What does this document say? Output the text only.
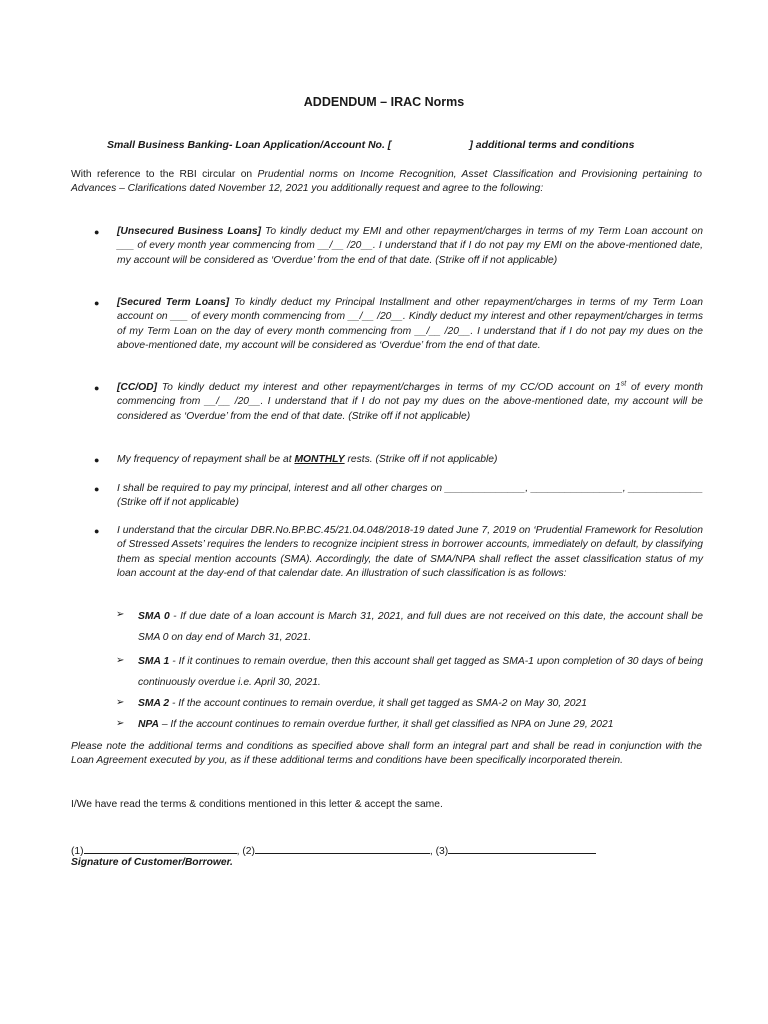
ADDENDUM – IRAC Norms
Small Business Banking- Loan Application/Account No. [	] additional terms and conditions
With reference to the RBI circular on Prudential norms on Income Recognition, Asset Classification and Provisioning pertaining to Advances – Clarifications dated November 12, 2021 you additionally request and agree to the following:
● [Unsecured Business Loans] To kindly deduct my EMI and other repayment/charges in terms of my Term Loan account on ___ of every month year commencing from __/__ /20__. I understand that if I do not pay my EMI on the above-mentioned date, my account will be considered as ‘Overdue’ from the end of that date. (Strike off if not applicable)
● [Secured Term Loans] To kindly deduct my Principal Installment and other repayment/charges in terms of my Term Loan account on ___ of every month commencing from __/__ /20__. Kindly deduct my interest and other repayment/charges in terms of my Term Loan on the day of every month commencing from __/__ /20__. I understand that if I do not pay my dues on the above-mentioned date, my account will be considered as ‘Overdue’ from the end of that date.
● [CC/OD] To kindly deduct my interest and other repayment/charges in terms of my CC/OD account on 1st of every month commencing from __/__ /20__. I understand that if I do not pay my dues on the above-mentioned date, my account will be considered as ‘Overdue’ from the end of that date. (Strike off if not applicable)
● My frequency of repayment shall be at MONTHLY rests. (Strike off if not applicable)
● I shall be required to pay my principal, interest and all other charges on ______________, ________________, _____________ (Strike off if not applicable)
● I understand that the circular DBR.No.BP.BC.45/21.04.048/2018-19 dated June 7, 2019 on ‘Prudential Framework for Resolution of Stressed Assets’ requires the lenders to recognize incipient stress in borrower accounts, immediately on default, by classifying them as special mention accounts (SMA). Accordingly, the date of SMA/NPA shall reflect the asset classification status of my loan account at the day-end of that calendar date. An illustration of such classification is as follows:
➢ SMA 0 - If due date of a loan account is March 31, 2021, and full dues are not received on this date, the account shall be SMA 0 on day end of March 31, 2021.
➢ SMA 1 - If it continues to remain overdue, then this account shall get tagged as SMA-1 upon completion of 30 days of being continuously overdue i.e. April 30, 2021.
➢ SMA 2 - If the account continues to remain overdue, it shall get tagged as SMA-2 on May 30, 2021
➢ NPA – If the account continues to remain overdue further, it shall get classified as NPA on June 29, 2021
Please note the additional terms and conditions as specified above shall form an integral part and shall be read in conjunction with the Loan Agreement executed by you, as if these additional terms and conditions have been specifically incorporated therein.
I/We have read the terms & conditions mentioned in this letter & accept the same.
(1)	, (2)	, (3)
Signature of Customer/Borrower.
